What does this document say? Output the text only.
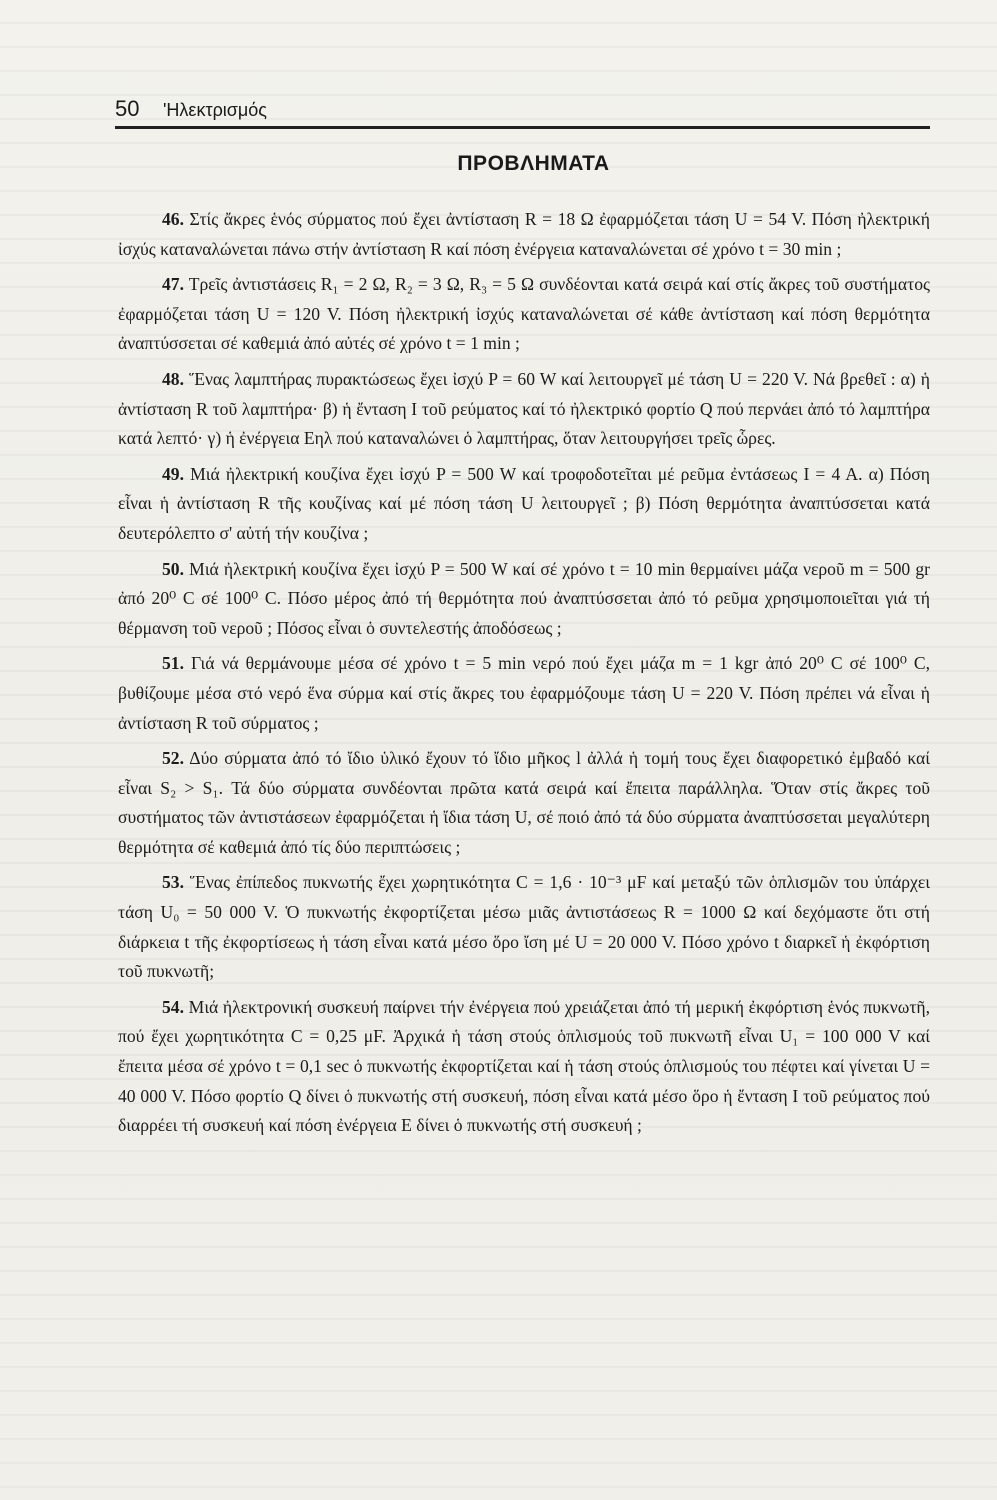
50 'Ηλεκτρισμός
ΠΡΟΒΛΗΜΑΤΑ

46. Στίς ἄκρες ἑνός σύρματος πού ἔχει ἀντίσταση R = 18 Ω ἐφαρμόζεται τάση U = 54 V. Πόση ἠλεκτρική ἰσχύς καταναλώνεται πάνω στήν ἀντίσταση R καί πόση ἐνέργεια καταναλώνεται σέ χρόνο t = 30 min ;

47. Τρεῖς ἀντιστάσεις R₁ = 2 Ω, R₂ = 3 Ω, R₃ = 5 Ω συνδέονται κατά σειρά καί στίς ἄκρες τοῦ συστήματος ἐφαρμόζεται τάση U = 120 V. Πόση ἠλεκτρική ἰσχύς καταναλώνεται σέ κάθε ἀντίσταση καί πόση θερμότητα ἀναπτύσσεται σέ καθεμιά ἀπό αὐτές σέ χρόνο t = 1 min ;

48. Ἕνας λαμπτήρας πυρακτώσεως ἔχει ἰσχύ P = 60 W καί λειτουργεῖ μέ τάση U = 220 V. Νά βρεθεῖ : α) ἡ ἀντίσταση R τοῦ λαμπτήρα· β) ἡ ἔνταση I τοῦ ρεύματος καί τό ἠλεκτρικό φορτίο Q πού περνάει ἀπό τό λαμπτήρα κατά λεπτό· γ) ἡ ἐνέργεια Eηλ πού καταναλώνει ὁ λαμπτήρας, ὅταν λειτουργήσει τρεῖς ὧρες.

49. Μιά ἠλεκτρική κουζίνα ἔχει ἰσχύ P = 500 W καί τροφοδοτεῖται μέ ρεῦμα ἐντάσεως I = 4 A. α) Πόση εἶναι ἡ ἀντίσταση R τῆς κουζίνας καί μέ πόση τάση U λειτουργεῖ ; β) Πόση θερμότητα ἀναπτύσσεται κατά δευτερόλεπτο σ' αὐτή τήν κουζίνα ;

50. Μιά ἠλεκτρική κουζίνα ἔχει ἰσχύ P = 500 W καί σέ χρόνο t = 10 min θερμαίνει μάζα νεροῦ m = 500 gr ἀπό 20⁰ C σέ 100⁰ C. Πόσο μέρος ἀπό τή θερμότητα πού ἀναπτύσσεται ἀπό τό ρεῦμα χρησιμοποιεῖται γιά τή θέρμανση τοῦ νεροῦ ; Πόσος εἶναι ὁ συντελεστής ἀποδόσεως ;

51. Γιά νά θερμάνουμε μέσα σέ χρόνο t = 5 min νερό πού ἔχει μάζα m = 1 kgr ἀπό 20⁰ C σέ 100⁰ C, βυθίζουμε μέσα στό νερό ἕνα σύρμα καί στίς ἄκρες του ἐφαρμόζουμε τάση U = 220 V. Πόση πρέπει νά εἶναι ἡ ἀντίσταση R τοῦ σύρματος ;

52. Δύο σύρματα ἀπό τό ἴδιο ὑλικό ἔχουν τό ἴδιο μῆκος l ἀλλά ἡ τομή τους ἔχει διαφορετικό ἐμβαδό καί εἶναι S₂ > S₁. Τά δύο σύρματα συνδέονται πρῶτα κατά σειρά καί ἔπειτα παράλληλα. Ὅταν στίς ἄκρες τοῦ συστήματος τῶν ἀντιστάσεων ἐφαρμόζεται ἡ ἴδια τάση U, σέ ποιό ἀπό τά δύο σύρματα ἀναπτύσσεται μεγαλύτερη θερμότητα σέ καθεμιά ἀπό τίς δύο περιπτώσεις ;

53. Ἕνας ἐπίπεδος πυκνωτής ἔχει χωρητικότητα C = 1,6 · 10⁻³ μF καί μεταξύ τῶν ὁπλισμῶν του ὑπάρχει τάση U₀ = 50 000 V. Ὁ πυκνωτής ἐκφορτίζεται μέσω μιᾶς ἀντιστάσεως R = 1000 Ω καί δεχόμαστε ὅτι στή διάρκεια t τῆς ἐκφορτίσεως ἡ τάση εἶναι κατά μέσο ὅρο ἴση μέ U = 20 000 V. Πόσο χρόνο t διαρκεῖ ἡ ἐκφόρτιση τοῦ πυκνωτῆ;

54. Μιά ἠλεκτρονική συσκευή παίρνει τήν ἐνέργεια πού χρειάζεται ἀπό τή μερική ἐκφόρτιση ἑνός πυκνωτῆ, πού ἔχει χωρητικότητα C = 0,25 μF. Ἀρχικά ἡ τάση στούς ὁπλισμούς τοῦ πυκνωτῆ εἶναι U₁ = 100 000 V καί ἔπειτα μέσα σέ χρόνο t = 0,1 sec ὁ πυκνωτής ἐκφορτίζεται καί ἡ τάση στούς ὁπλισμούς του πέφτει καί γίνεται U = 40 000 V. Πόσο φορτίο Q δίνει ὁ πυκνωτής στή συσκευή, πόση εἶναι κατά μέσο ὅρο ἡ ἔνταση I τοῦ ρεύματος πού διαρρέει τή συσκευή καί πόση ἐνέργεια E δίνει ὁ πυκνωτής στή συσκευή ;
